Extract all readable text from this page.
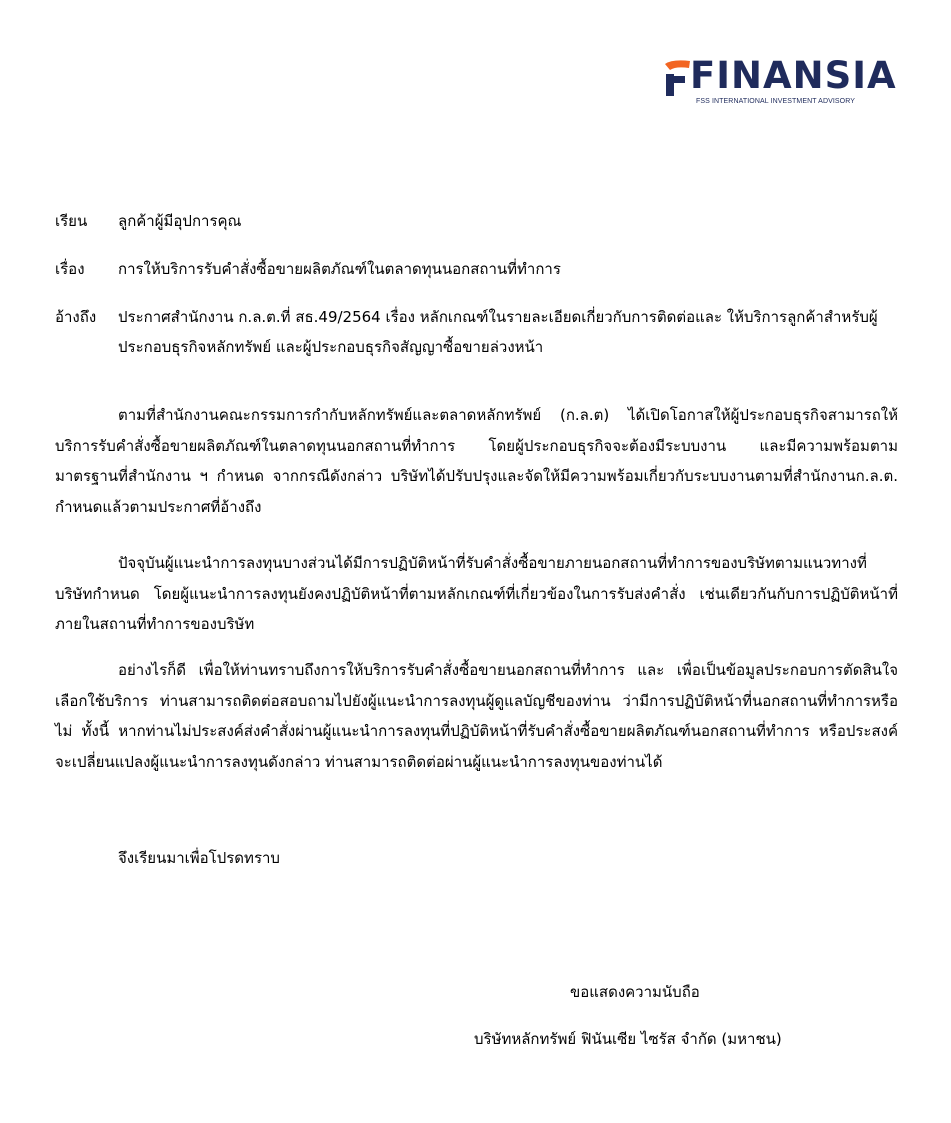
FINANSIA
FSS INTERNATIONAL INVESTMENT ADVISORY
เรียน ลูกค้าผู้มีอุปการคุณ
เรื่อง การให้บริการรับคำสั่งซื้อขายผลิตภัณฑ์ในตลาดทุนนอกสถานที่ทำการ
อ้างถึง ประกาศสำนักงาน ก.ล.ต.ที่ สธ.49/2564 เรื่อง หลักเกณฑ์ในรายละเอียดเกี่ยวกับการติดต่อและ ให้บริการลูกค้าสำหรับผู้ประกอบธุรกิจหลักทรัพย์ และผู้ประกอบธุรกิจสัญญาซื้อขายล่วงหน้า
ตามที่สำนักงานคณะกรรมการกำกับหลักทรัพย์และตลาดหลักทรัพย์ (ก.ล.ต) ได้เปิดโอกาสให้ผู้ประกอบธุรกิจสามารถให้บริการรับคำสั่งซื้อขายผลิตภัณฑ์ในตลาดทุนนอกสถานที่ทำการ โดยผู้ประกอบธุรกิจจะต้องมีระบบงาน และมีความพร้อมตามมาตรฐานที่สำนักงาน ฯ กำหนด จากกรณีดังกล่าว บริษัทได้ปรับปรุงและจัดให้มีความพร้อมเกี่ยวกับระบบงานตามที่สำนักงานก.ล.ต. กำหนดแล้วตามประกาศที่อ้างถึง
ปัจจุบันผู้แนะนำการลงทุนบางส่วนได้มีการปฏิบัติหน้าที่รับคำสั่งซื้อขายภายนอกสถานที่ทำการของบริษัทตามแนวทางที่บริษัทกำหนด โดยผู้แนะนำการลงทุนยังคงปฏิบัติหน้าที่ตามหลักเกณฑ์ที่เกี่ยวข้องในการรับส่งคำสั่ง เช่นเดียวกันกับการปฏิบัติหน้าที่ภายในสถานที่ทำการของบริษัท
อย่างไรก็ดี เพื่อให้ท่านทราบถึงการให้บริการรับคำสั่งซื้อขายนอกสถานที่ทำการ และ เพื่อเป็นข้อมูลประกอบการตัดสินใจเลือกใช้บริการ ท่านสามารถติดต่อสอบถามไปยังผู้แนะนำการลงทุนผู้ดูแลบัญชีของท่าน ว่ามีการปฏิบัติหน้าที่นอกสถานที่ทำการหรือไม่ ทั้งนี้ หากท่านไม่ประสงค์ส่งคำสั่งผ่านผู้แนะนำการลงทุนที่ปฏิบัติหน้าที่รับคำสั่งซื้อขายผลิตภัณฑ์นอกสถานที่ทำการ หรือประสงค์จะเปลี่ยนแปลงผู้แนะนำการลงทุนดังกล่าว ท่านสามารถติดต่อผ่านผู้แนะนำการลงทุนของท่านได้
จึงเรียนมาเพื่อโปรดทราบ
ขอแสดงความนับถือ
บริษัทหลักทรัพย์ ฟินันเซีย ไซรัส จำกัด (มหาชน)
